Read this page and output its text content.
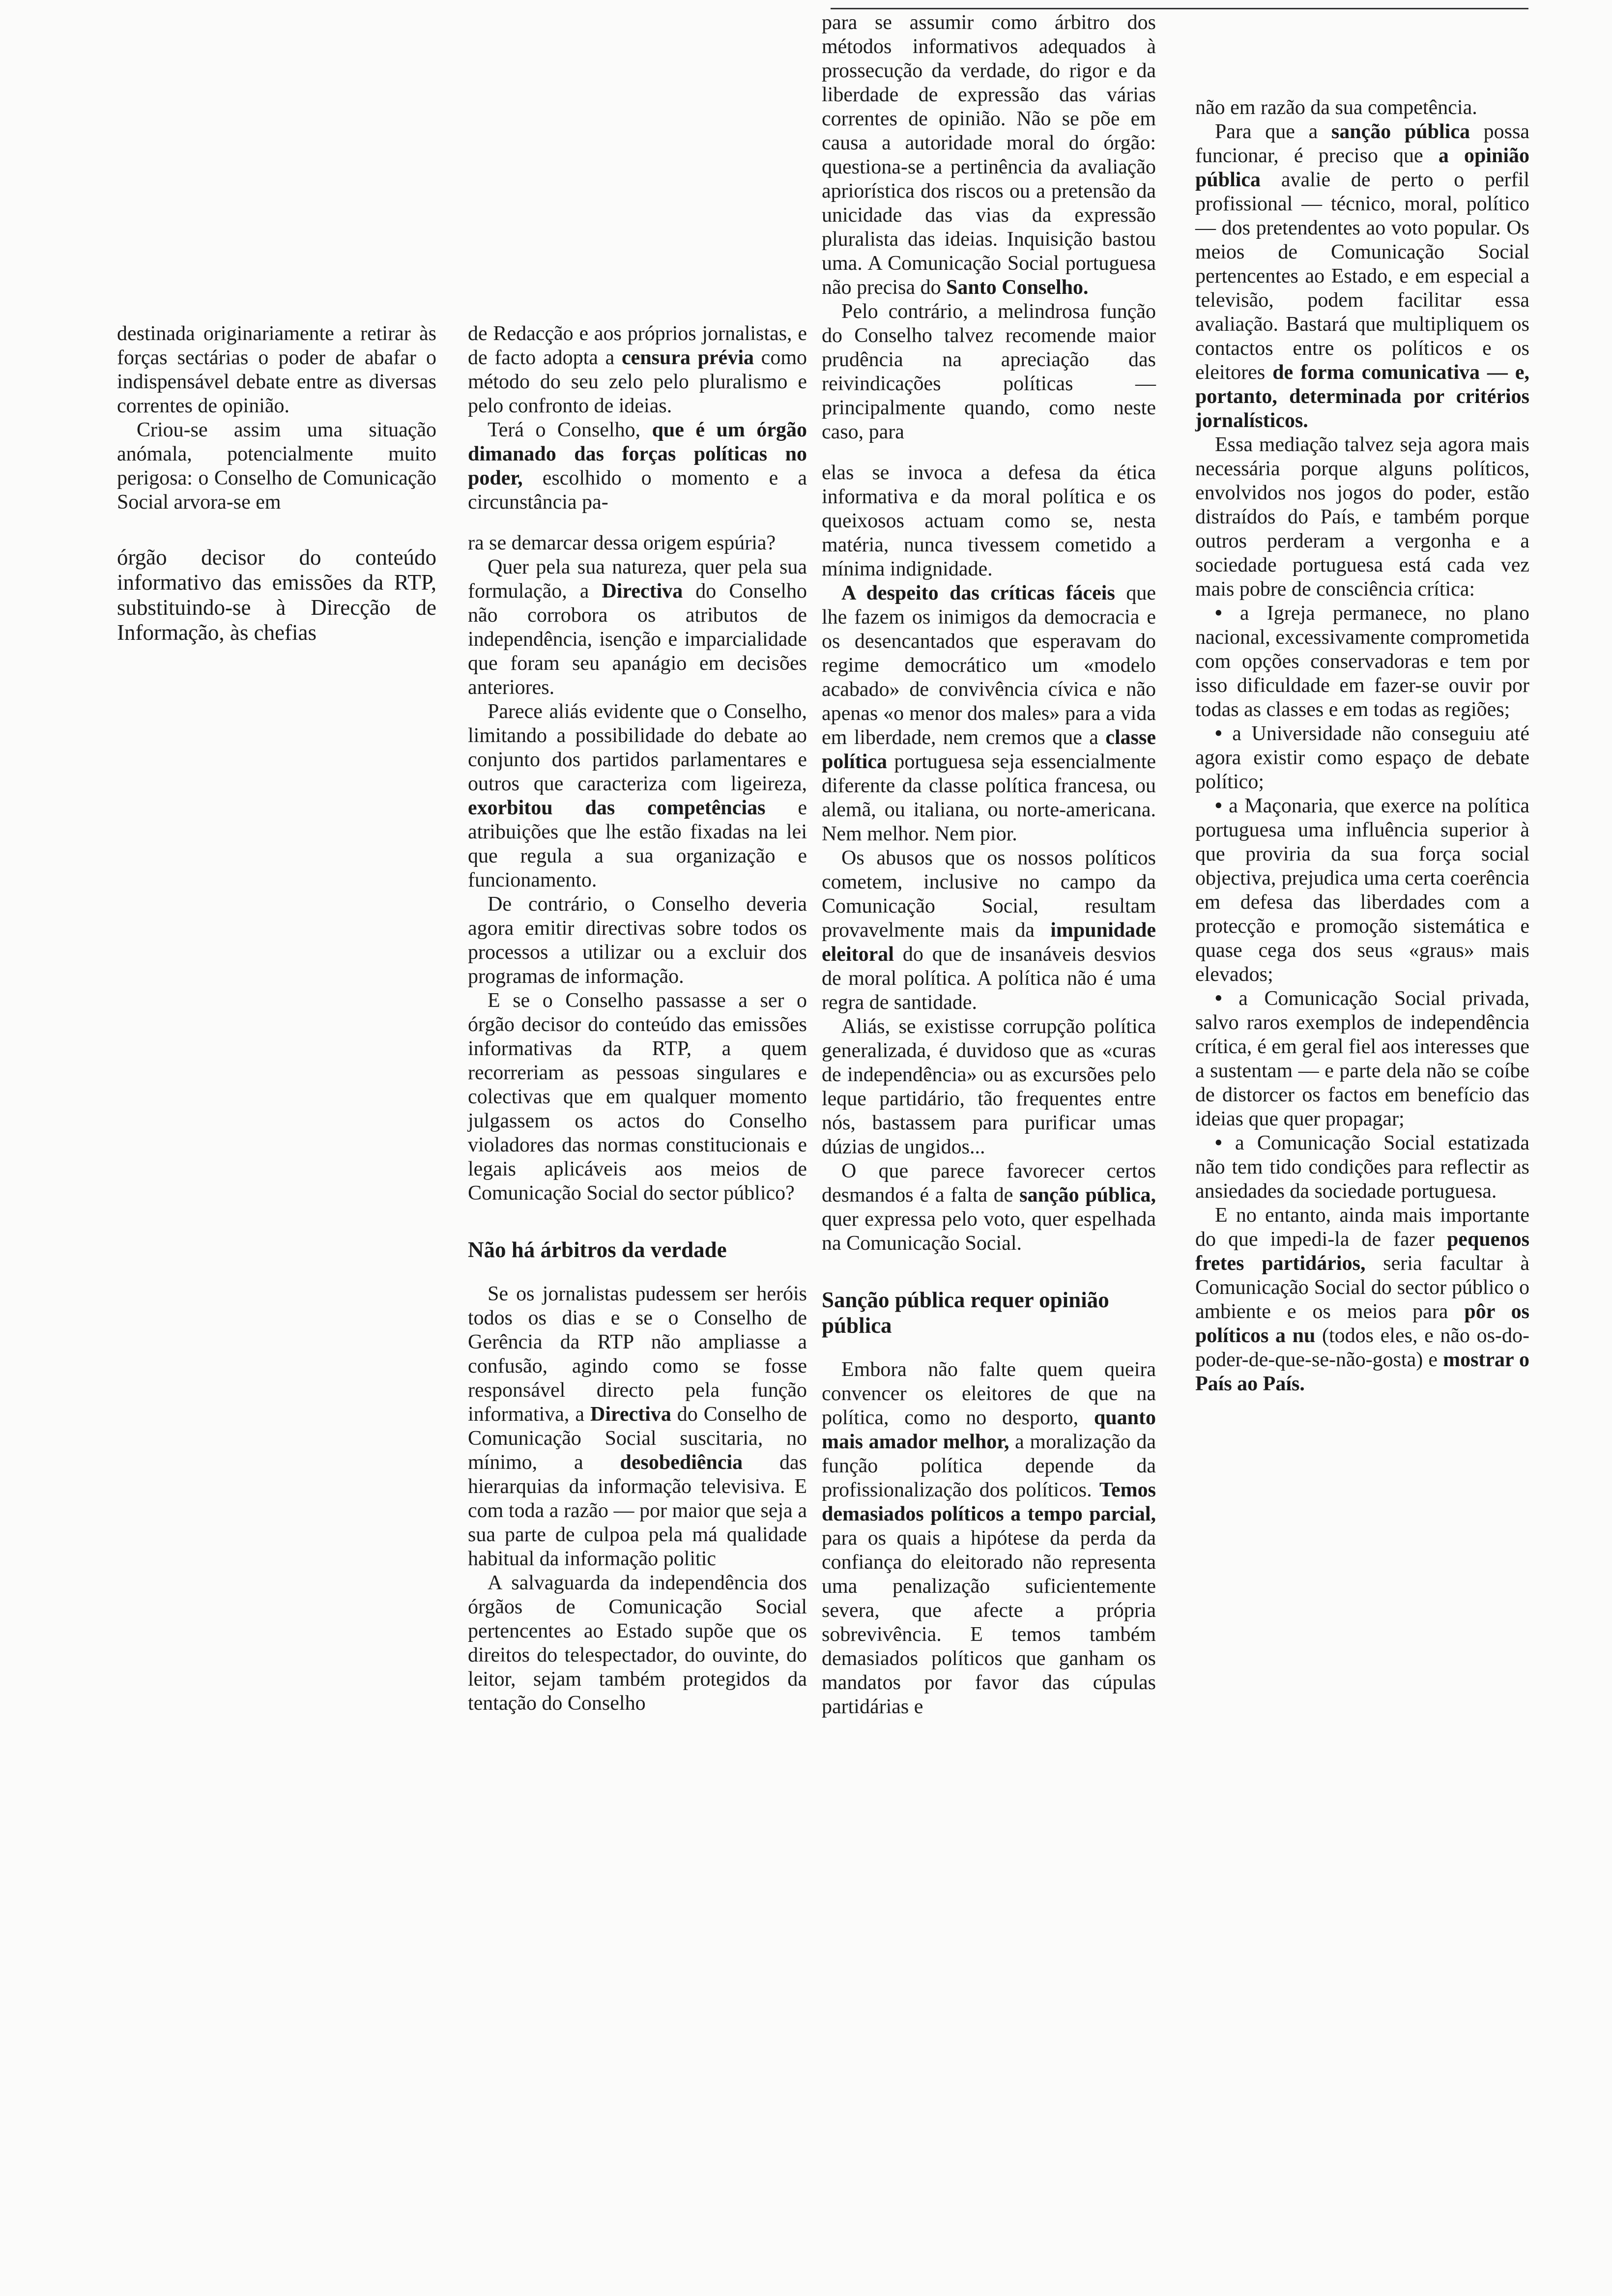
destinada originariamente a retirar às forças sectárias o poder de abafar o indispensável debate entre as diversas correntes de opinião.

Criou-se assim uma situação anómala, potencialmente muito perigosa: o Conselho de Comunicação Social arvora-se em

órgão decisor do conteúdo informativo das emissões da RTP, substituindo-se à Direcção de Informação, às chefias

de Redacção e aos próprios jornalistas, e de facto adopta a censura prévia como método do seu zelo pelo pluralismo e pelo confronto de ideias.

Terá o Conselho, que é um órgão dimanado das forças políticas no poder, escolhido o momento e a circunstância pa-

ra se demarcar dessa origem espúria?

Quer pela sua natureza, quer pela sua formulação, a Directiva do Conselho não corrobora os atributos de independência, isenção e imparcialidade que foram seu apanágio em decisões anteriores.

Parece aliás evidente que o Conselho, limitando a possibilidade do debate ao conjunto dos partidos parlamentares e outros que caracteriza com ligeireza, exorbitou das competências e atribuições que lhe estão fixadas na lei que regula a sua organização e funcionamento.

De contrário, o Conselho deveria agora emitir directivas sobre todos os processos a utilizar ou a excluir dos programas de informação.

E se o Conselho passasse a ser o órgão decisor do conteúdo das emissões informativas da RTP, a quem recorreriam as pessoas singulares e colectivas que em qualquer momento julgassem os actos do Conselho violadores das normas constitucionais e legais aplicáveis aos meios de Comunicação Social do sector público?

Não há árbitros da verdade

Se os jornalistas pudessem ser heróis todos os dias e se o Conselho de Gerência da RTP não ampliasse a confusão, agindo como se fosse responsável directo pela função informativa, a Directiva do Conselho de Comunicação Social suscitaria, no mínimo, a desobediência das hierarquias da informação televisiva. E com toda a razão — por maior que seja a sua parte de culpoa pela má qualidade habitual da informação politic

A salvaguarda da independência dos órgãos de Comunicação Social pertencentes ao Estado supõe que os direitos do telespectador, do ouvinte, do leitor, sejam também protegidos da tentação do Conselho

para se assumir como árbitro dos métodos informativos adequados à prossecução da verdade, do rigor e da liberdade de expressão das várias correntes de opinião. Não se põe em causa a autoridade moral do órgão: questiona-se a pertinência da avaliação apriorística dos riscos ou a pretensão da unicidade das vias da expressão pluralista das ideias. Inquisição bastou uma. A Comunicação Social portuguesa não precisa do Santo Conselho.

Pelo contrário, a melindrosa função do Conselho talvez recomende maior prudência na apreciação das reivindicações políticas — principalmente quando, como neste caso, para

elas se invoca a defesa da ética informativa e da moral política e os queixosos actuam como se, nesta matéria, nunca tivessem cometido a mínima indignidade.

A despeito das críticas fáceis que lhe fazem os inimigos da democracia e os desencantados que esperavam do regime democrático um «modelo acabado» de convivência cívica e não apenas «o menor dos males» para a vida em liberdade, nem cremos que a classe política portuguesa seja essencialmente diferente da classe política francesa, ou alemã, ou italiana, ou norte-americana. Nem melhor. Nem pior.

Os abusos que os nossos políticos cometem, inclusive no campo da Comunicação Social, resultam provavelmente mais da impunidade eleitoral do que de insanáveis desvios de moral política. A política não é uma regra de santidade.

Aliás, se existisse corrupção política generalizada, é duvidoso que as «curas de independência» ou as excursões pelo leque partidário, tão frequentes entre nós, bastassem para purificar umas dúzias de ungidos...

O que parece favorecer certos desmandos é a falta de sanção pública, quer expressa pelo voto, quer espelhada na Comunicação Social.

Sanção pública requer opinião pública

Embora não falte quem queira convencer os eleitores de que na política, como no desporto, quanto mais amador melhor, a moralização da função política depende da profissionalização dos políticos. Temos demasiados políticos a tempo parcial, para os quais a hipótese da perda da confiança do eleitorado não representa uma penalização suficientemente severa, que afecte a própria sobrevivência. E temos também demasiados políticos que ganham os mandatos por favor das cúpulas partidárias e

não em razão da sua competência.

Para que a sanção pública possa funcionar, é preciso que a opinião pública avalie de perto o perfil profissional — técnico, moral, político — dos pretendentes ao voto popular. Os meios de Comunicação Social pertencentes ao Estado, e em especial a televisão, podem facilitar essa avaliação. Bastará que multipliquem os contactos entre os políticos e os eleitores de forma comunicativa — e, portanto, determinada por critérios jornalísticos.

Essa mediação talvez seja agora mais necessária porque alguns políticos, envolvidos nos jogos do poder, estão distraídos do País, e também porque outros perderam a vergonha e a sociedade portuguesa está cada vez mais pobre de consciência crítica:

• a Igreja permanece, no plano nacional, excessivamente comprometida com opções conservadoras e tem por isso dificuldade em fazer-se ouvir por todas as classes e em todas as regiões;

• a Universidade não conseguiu até agora existir como espaço de debate político;

• a Maçonaria, que exerce na política portuguesa uma influência superior à que proviria da sua força social objectiva, prejudica uma certa coerência em defesa das liberdades com a protecção e promoção sistemática e quase cega dos seus «graus» mais elevados;

• a Comunicação Social privada, salvo raros exemplos de independência crítica, é em geral fiel aos interesses que a sustentam — e parte dela não se coíbe de distorcer os factos em benefício das ideias que quer propagar;

• a Comunicação Social estatizada não tem tido condições para reflectir as ansiedades da sociedade portuguesa.

E no entanto, ainda mais importante do que impedi-la de fazer pequenos fretes partidários, seria facultar à Comunicação Social do sector público o ambiente e os meios para pôr os políticos a nu (todos eles, e não os-do-poder-de-que-se-não-gosta) e mostrar o País ao País.
